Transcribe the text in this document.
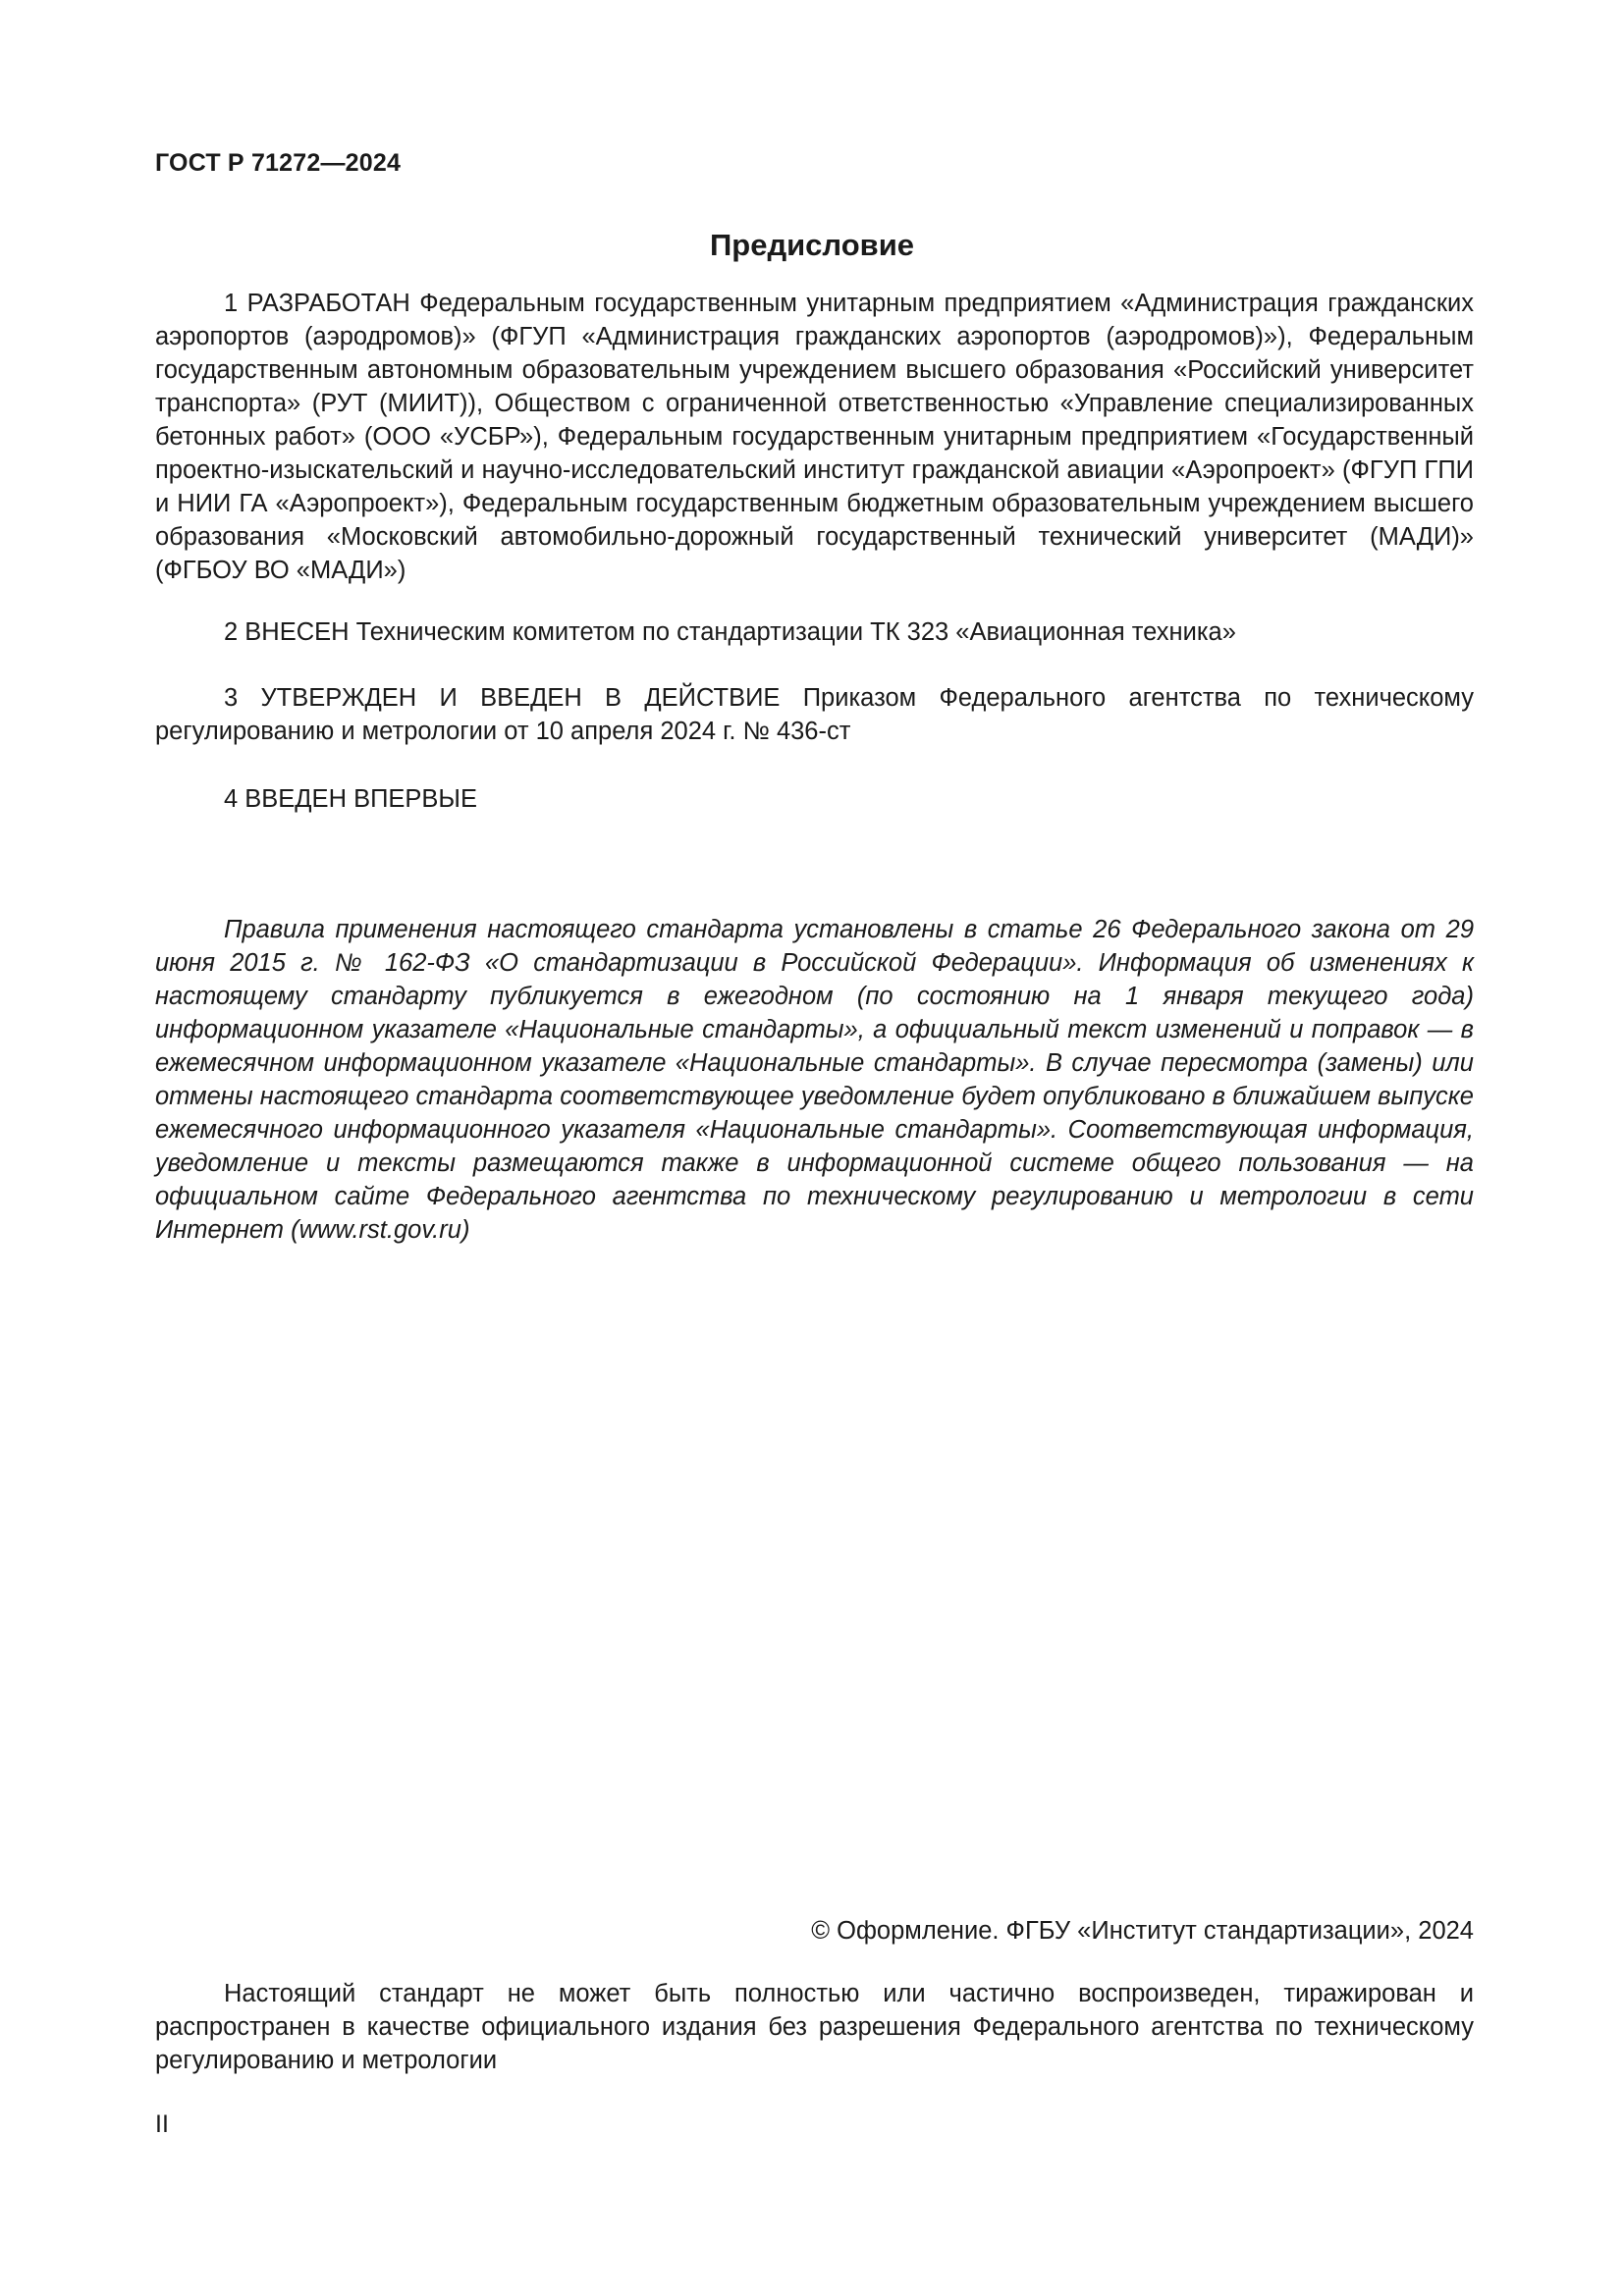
ГОСТ Р 71272—2024
Предисловие

1 РАЗРАБОТАН Федеральным государственным унитарным предприятием «Администрация гражданских аэропортов (аэродромов)» (ФГУП «Администрация гражданских аэропортов (аэродромов)»), Федеральным государственным автономным образовательным учреждением высшего образования «Российский университет транспорта» (РУТ (МИИТ)), Обществом с ограниченной ответственностью «Управление специализированных бетонных работ» (ООО «УСБР»), Федеральным государственным унитарным предприятием «Государственный проектно-изыскательский и научно-исследовательский институт гражданской авиации «Аэропроект» (ФГУП ГПИ и НИИ ГА «Аэропроект»), Федеральным государственным бюджетным образовательным учреждением высшего образования «Московский автомобильно-дорожный государственный технический университет (МАДИ)» (ФГБОУ ВО «МАДИ»)

2 ВНЕСЕН Техническим комитетом по стандартизации ТК 323 «Авиационная техника»

3 УТВЕРЖДЕН И ВВЕДЕН В ДЕЙСТВИЕ Приказом Федерального агентства по техническому регулированию и метрологии от 10 апреля 2024 г. № 436-ст

4 ВВЕДЕН ВПЕРВЫЕ

Правила применения настоящего стандарта установлены в статье 26 Федерального закона от 29 июня 2015 г. № 162-ФЗ «О стандартизации в Российской Федерации». Информация об изменениях к настоящему стандарту публикуется в ежегодном (по состоянию на 1 января текущего года) информационном указателе «Национальные стандарты», а официальный текст изменений и поправок — в ежемесячном информационном указателе «Национальные стандарты». В случае пересмотра (замены) или отмены настоящего стандарта соответствующее уведомление будет опубликовано в ближайшем выпуске ежемесячного информационного указателя «Национальные стандарты». Соответствующая информация, уведомление и тексты размещаются также в информационной системе общего пользования — на официальном сайте Федерального агентства по техническому регулированию и метрологии в сети Интернет (www.rst.gov.ru)

© Оформление. ФГБУ «Институт стандартизации», 2024

Настоящий стандарт не может быть полностью или частично воспроизведен, тиражирован и распространен в качестве официального издания без разрешения Федерального агентства по техническому регулированию и метрологии

II
